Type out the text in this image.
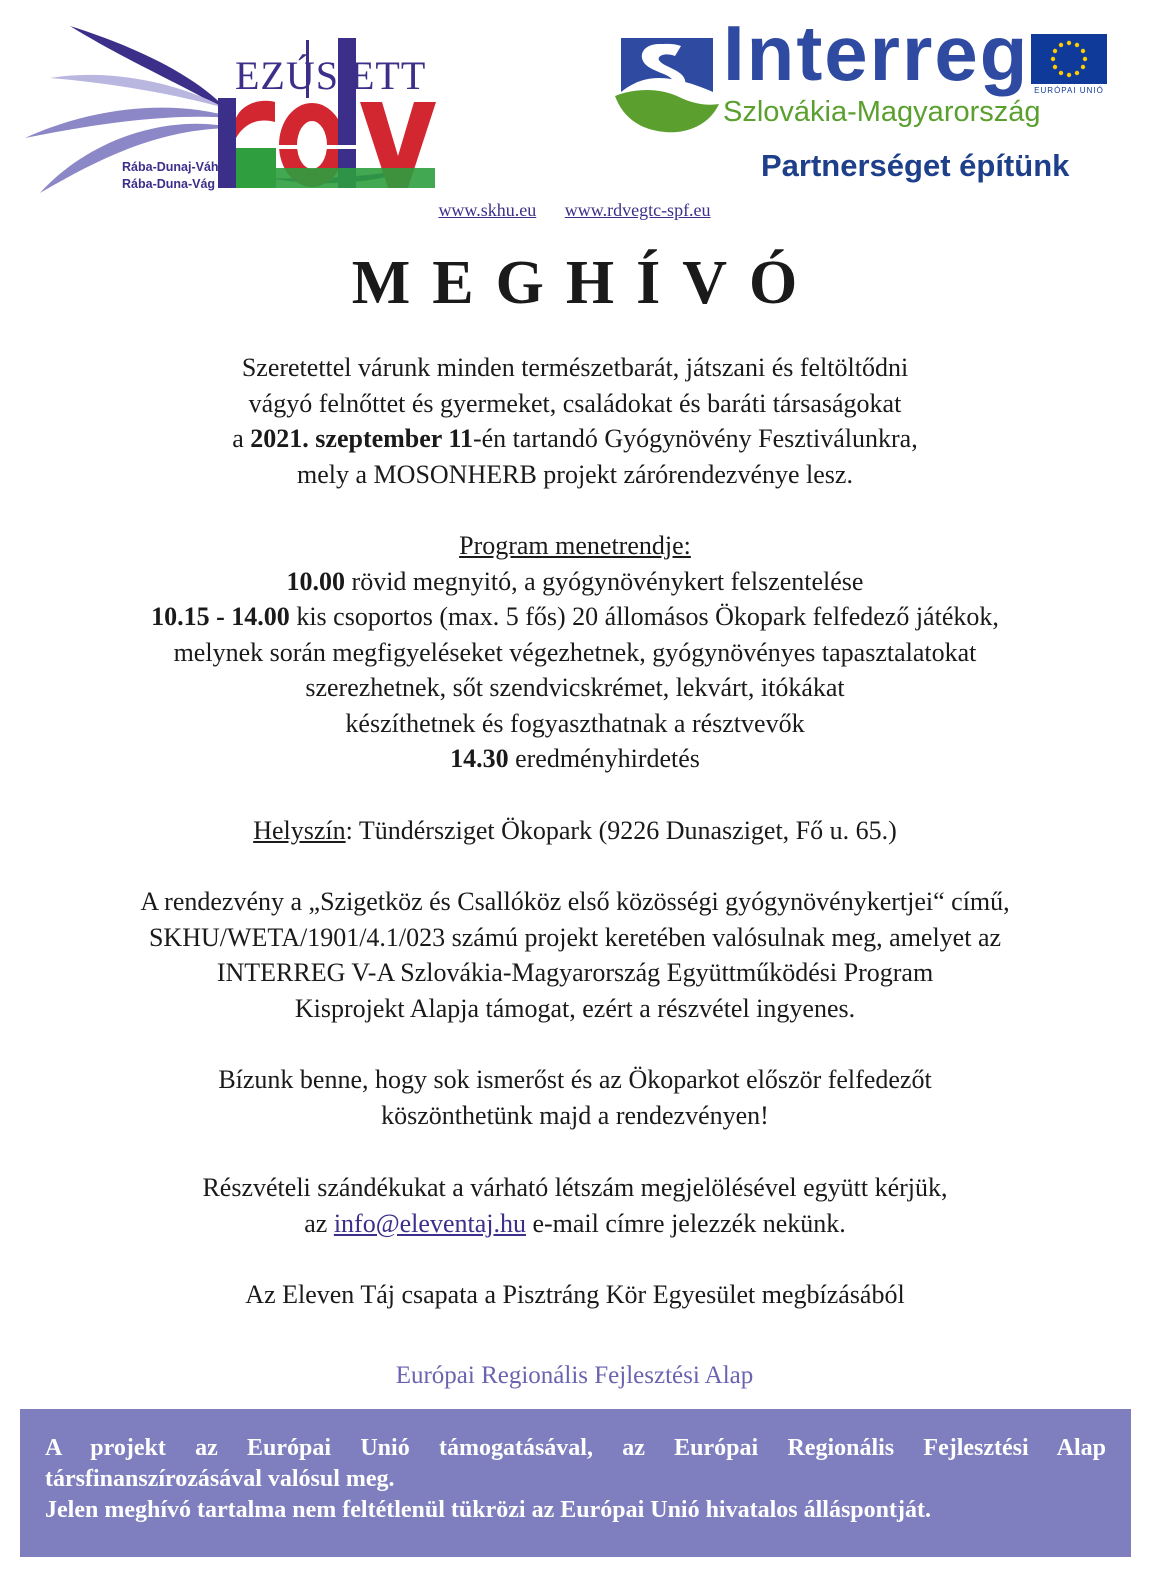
EZÚS ETT
Rába-Dunaj-Váh
Rába-Duna-Vág
Interreg EURÓPAI UNIÓ
Szlovákia-Magyarország
Partnerséget építünk
www.skhu.eu www.rdvegtc-spf.eu
MEGHÍVÓ

Szeretettel várunk minden természetbarát, játszani és feltöltődni

vágyó felnőttet és gyermeket, családokat és baráti társaságokat

a 2021. szeptember 11-én tartandó Gyógynövény Fesztiválunkra,

mely a MOSONHERB projekt zárórendezvénye lesz.

Program menetrendje:

10.00 rövid megnyitó, a gyógynövénykert felszentelése

10.15 - 14.00 kis csoportos (max. 5 fős) 20 állomásos Ökopark felfedező játékok,

melynek során megfigyeléseket végezhetnek, gyógynövényes tapasztalatokat

szerezhetnek, sőt szendvicskrémet, lekvárt, itókákat

készíthetnek és fogyaszthatnak a résztvevők

14.30 eredményhirdetés

Helyszín: Tündérsziget Ökopark (9226 Dunasziget, Fő u. 65.)

A rendezvény a „Szigetköz és Csallóköz első közösségi gyógynövénykertjei“ című,

SKHU/WETA/1901/4.1/023 számú projekt keretében valósulnak meg, amelyet az

INTERREG V-A Szlovákia-Magyarország Együttműködési Program

Kisprojekt Alapja támogat, ezért a részvétel ingyenes.

Bízunk benne, hogy sok ismerőst és az Ökoparkot először felfedezőt

köszönthetünk majd a rendezvényen!

Részvételi szándékukat a várható létszám megjelölésével együtt kérjük,

az info@eleventaj.hu e-mail címre jelezzék nekünk.

Az Eleven Táj csapata a Pisztráng Kör Egyesület megbízásából

Európai Regionális Fejlesztési Alap

A projekt az Európai Unió támogatásával, az Európai Regionális Fejlesztési Alap

társfinanszírozásával valósul meg.

Jelen meghívó tartalma nem feltétlenül tükrözi az Európai Unió hivatalos álláspontját.
